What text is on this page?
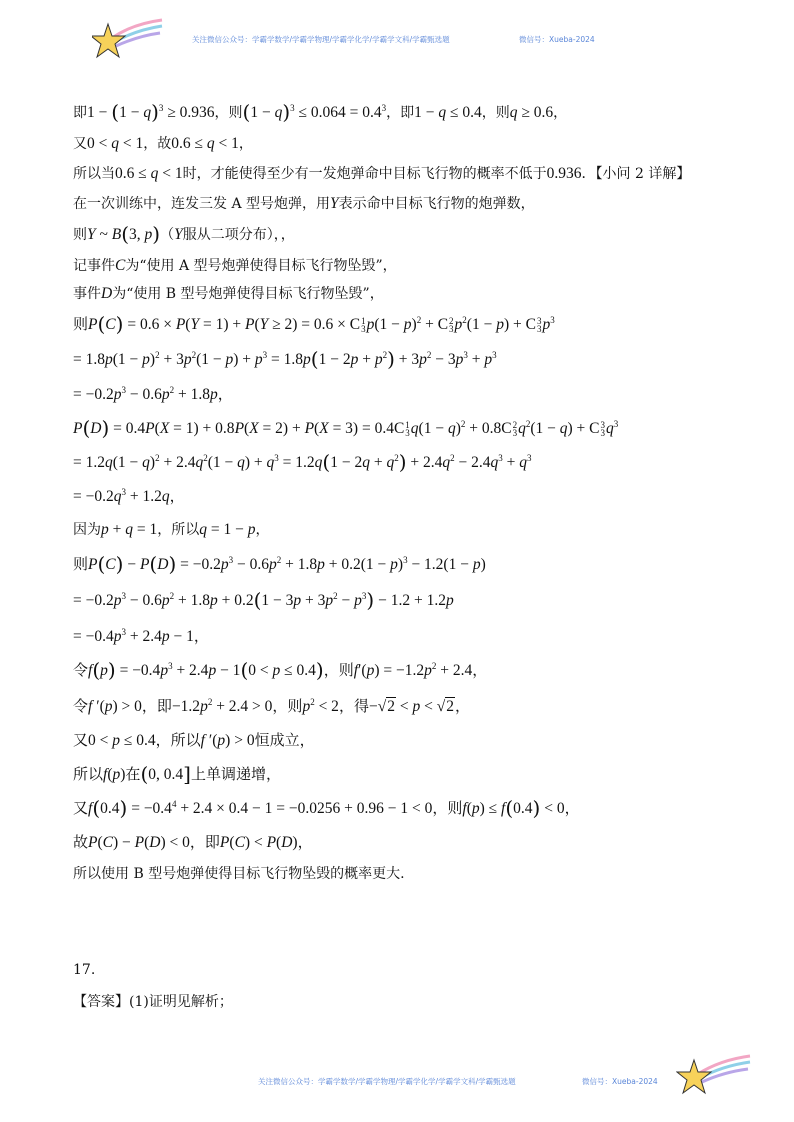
关注微信公众号：学霸学数学/学霸学物理/学霸学化学/学霸学文科/学霸甄选题	微信号：Xueba-2024
即$1 - (1 - q)^3 \ge 0.936$，则$(1 - q)^3 \le 0.064 = 0.4^3$，即1 − q ≤ 0.4，则q ≥ 0.6，
又0 < q < 1，故0.6 ≤ q < 1，
所以当0.6 ≤ q < 1时，才能使得至少有一发炮弹命中目标飞行物的概率不低于0.936．【小问 2 详解】
在一次训练中，连发三发 A 型号炮弹，用Y表示命中目标飞行物的炮弹数，
则Y ~ B(3, p)（Y服从二项分布），，
记事件C为“使用 A 型号炮弹使得目标飞行物坠毁”，
事件D为“使用 B 型号炮弹使得目标飞行物坠毁”，
则P(C) = 0.6 × P(Y = 1) + P(Y ≥ 2) = 0.6 × C 1
3 $p(1 - p)^2 + C$ 2
3 $p^2(1 - p) + C$ 3
3 $p^3$
= $1.8p(1 - p)^2 + 3p^2(1 - p) + p^3 = 1.8p(1 - 2p + p^2) + 3p^2 - 3p^3 + p^3$
= $-0.2p^3 - 0.6p^2 + 1.8p$，
P(D) = 0.4P(X = 1) + 0.8P(X = 2) + P(X = 3) = 0.4C 1
3 $q(1 - q)^2 + 0.8C$ 2
3 $q^2(1 - q) + C$ 3
3 $q^3$
= $1.2q(1 - q)^2 + 2.4q^2(1 - q) + q^3 = 1.2q(1 - 2q + q^2) + 2.4q^2 - 2.4q^3 + q^3$
= $-0.2q^3 + 1.2q$，
因为p + q = 1，所以q = 1 − p，
则$P(C) - P(D) = -0.2p^3 - 0.6p^2 + 1.8p + 0.2(1 - p)^3 - 1.2(1 - p)$
= $-0.2p^3 - 0.6p^2 + 1.8p + 0.2(1 - 3p + 3p^2 - p^3) - 1.2 + 1.2p$
= $-0.4p^3 + 2.4p - 1$，
令$f(p) = -0.4p^3 + 2.4p - 1(0 < p \le 0.4)$，则$f'(p) = -1.2p^2 + 2.4$，
令f ′(p) > 0，即$-1.2p^2 + 2.4 > 0$，则$p^2 < 2$，得−√2 < p < √2，
又0 < p ≤ 0.4，所以f ′(p) > 0恒成立，
所以f(p)在(0, 0.4]上单调递增，
又$f(0.4) = -0.4^4 + 2.4 \times 0.4 - 1 = -0.0256 + 0.96 - 1 < 0$，则f(p) ≤ f(0.4) < 0，
故P(C) − P(D) < 0，即P(C) < P(D)，
所以使用 B 型号炮弹使得目标飞行物坠毁的概率更大.
17.
【答案】(1)证明见解析；
关注微信公众号：学霸学数学/学霸学物理/学霸学化学/学霸学文科/学霸甄选题	微信号：Xueba-2024
